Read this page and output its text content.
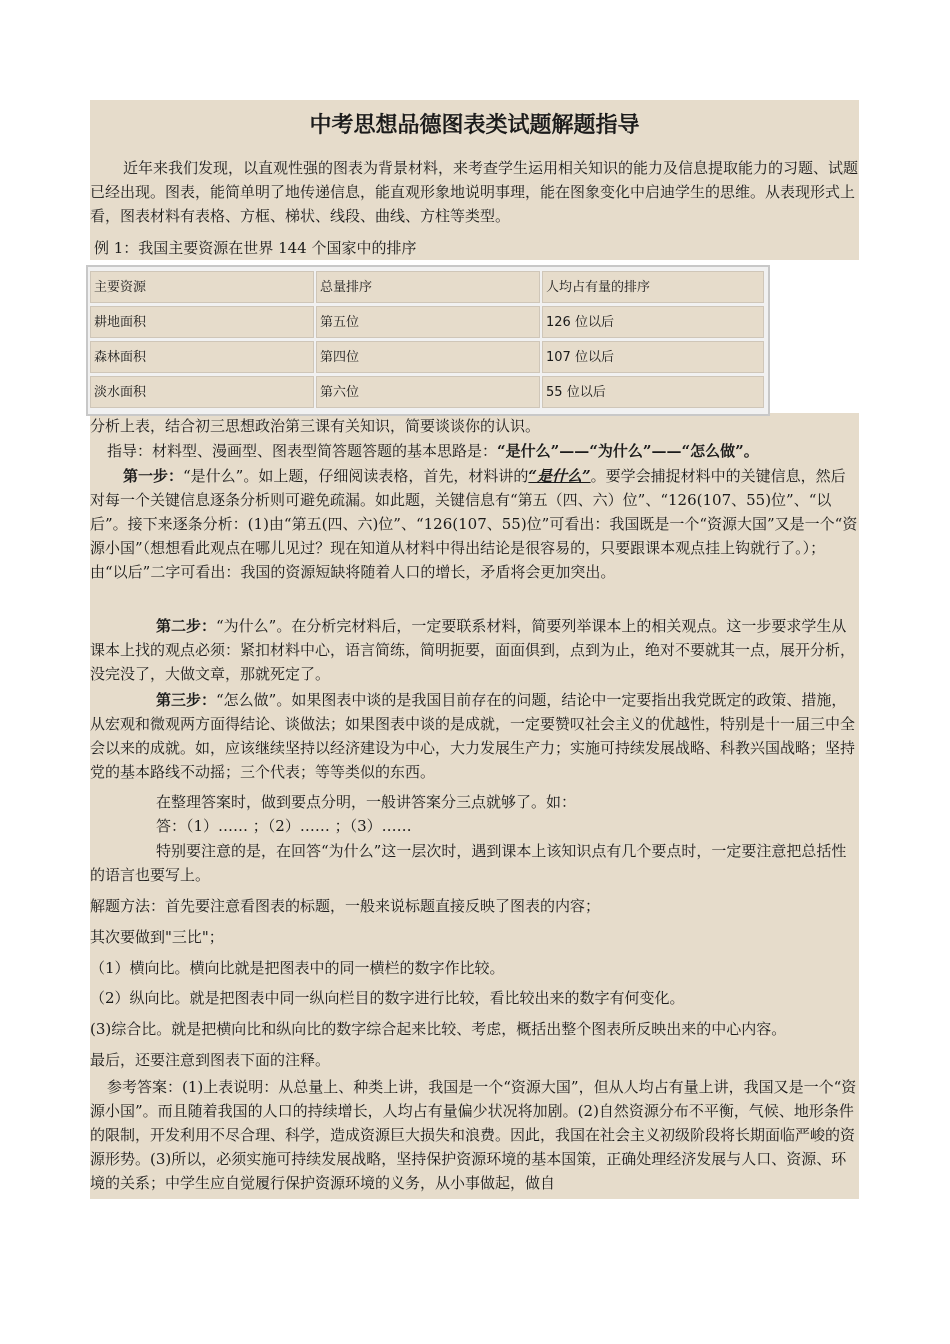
中考思想品德图表类试题解题指导
近年来我们发现，以直观性强的图表为背景材料，来考查学生运用相关知识的能力及信息提取能力的习题、试题已经出现。图表，能简单明了地传递信息，能直观形象地说明事理，能在图象变化中启迪学生的思维。从表现形式上看，图表材料有表格、方框、梯状、线段、曲线、方柱等类型。
例 1：我国主要资源在世界 144 个国家中的排序
主要资源	总量排序	人均占有量的排序
耕地面积	第五位	126 位以后
森林面积	第四位	107 位以后
淡水面积	第六位	55 位以后
分析上表，结合初三思想政治第三课有关知识，简要谈谈你的认识。
指导：材料型、漫画型、图表型简答题答题的基本思路是：“是什么”——“为什么”——“怎么做”。
第一步：“是什么”。如上题，仔细阅读表格，首先，材料讲的“是什么”。要学会捕捉材料中的关键信息，然后对每一个关键信息逐条分析则可避免疏漏。如此题，关键信息有“第五（四、六）位”、“126(107、55)位”、“以后”。接下来逐条分析：(1)由“第五(四、六)位”、“126(107、55)位”可看出：我国既是一个“资源大国”又是一个“资源小国”（想想看此观点在哪儿见过？现在知道从材料中得出结论是很容易的，只要跟课本观点挂上钩就行了。）；由“以后”二字可看出：我国的资源短缺将随着人口的增长，矛盾将会更加突出。
第二步：“为什么”。在分析完材料后，一定要联系材料，简要列举课本上的相关观点。这一步要求学生从课本上找的观点必须：紧扣材料中心，语言简练，简明扼要，面面俱到，点到为止，绝对不要就其一点，展开分析，没完没了，大做文章，那就死定了。
第三步：“怎么做”。如果图表中谈的是我国目前存在的问题，结论中一定要指出我党既定的政策、措施，从宏观和微观两方面得结论、谈做法；如果图表中谈的是成就，一定要赞叹社会主义的优越性，特别是十一届三中全会以来的成就。如，应该继续坚持以经济建设为中心，大力发展生产力；实施可持续发展战略、科教兴国战略；坚持党的基本路线不动摇；三个代表；等等类似的东西。
在整理答案时，做到要点分明，一般讲答案分三点就够了。如：
答：（1）…… ；（2）…… ；（3）……
特别要注意的是，在回答“为什么”这一层次时，遇到课本上该知识点有几个要点时，一定要注意把总括性的语言也要写上。
解题方法：首先要注意看图表的标题，一般来说标题直接反映了图表的内容；
其次要做到"三比"；
（1）横向比。横向比就是把图表中的同一横栏的数字作比较。
（2）纵向比。就是把图表中同一纵向栏目的数字进行比较，看比较出来的数字有何变化。
(3)综合比。就是把横向比和纵向比的数字综合起来比较、考虑，概括出整个图表所反映出来的中心内容。
最后，还要注意到图表下面的注释。
参考答案：(1)上表说明：从总量上、种类上讲，我国是一个“资源大国”，但从人均占有量上讲，我国又是一个“资源小国”。而且随着我国的人口的持续增长，人均占有量偏少状况将加剧。(2)自然资源分布不平衡，气候、地形条件的限制，开发利用不尽合理、科学，造成资源巨大损失和浪费。因此，我国在社会主义初级阶段将长期面临严峻的资源形势。(3)所以，必须实施可持续发展战略，坚持保护资源环境的基本国策，正确处理经济发展与人口、资源、环境的关系；中学生应自觉履行保护资源环境的义务，从小事做起，做自
